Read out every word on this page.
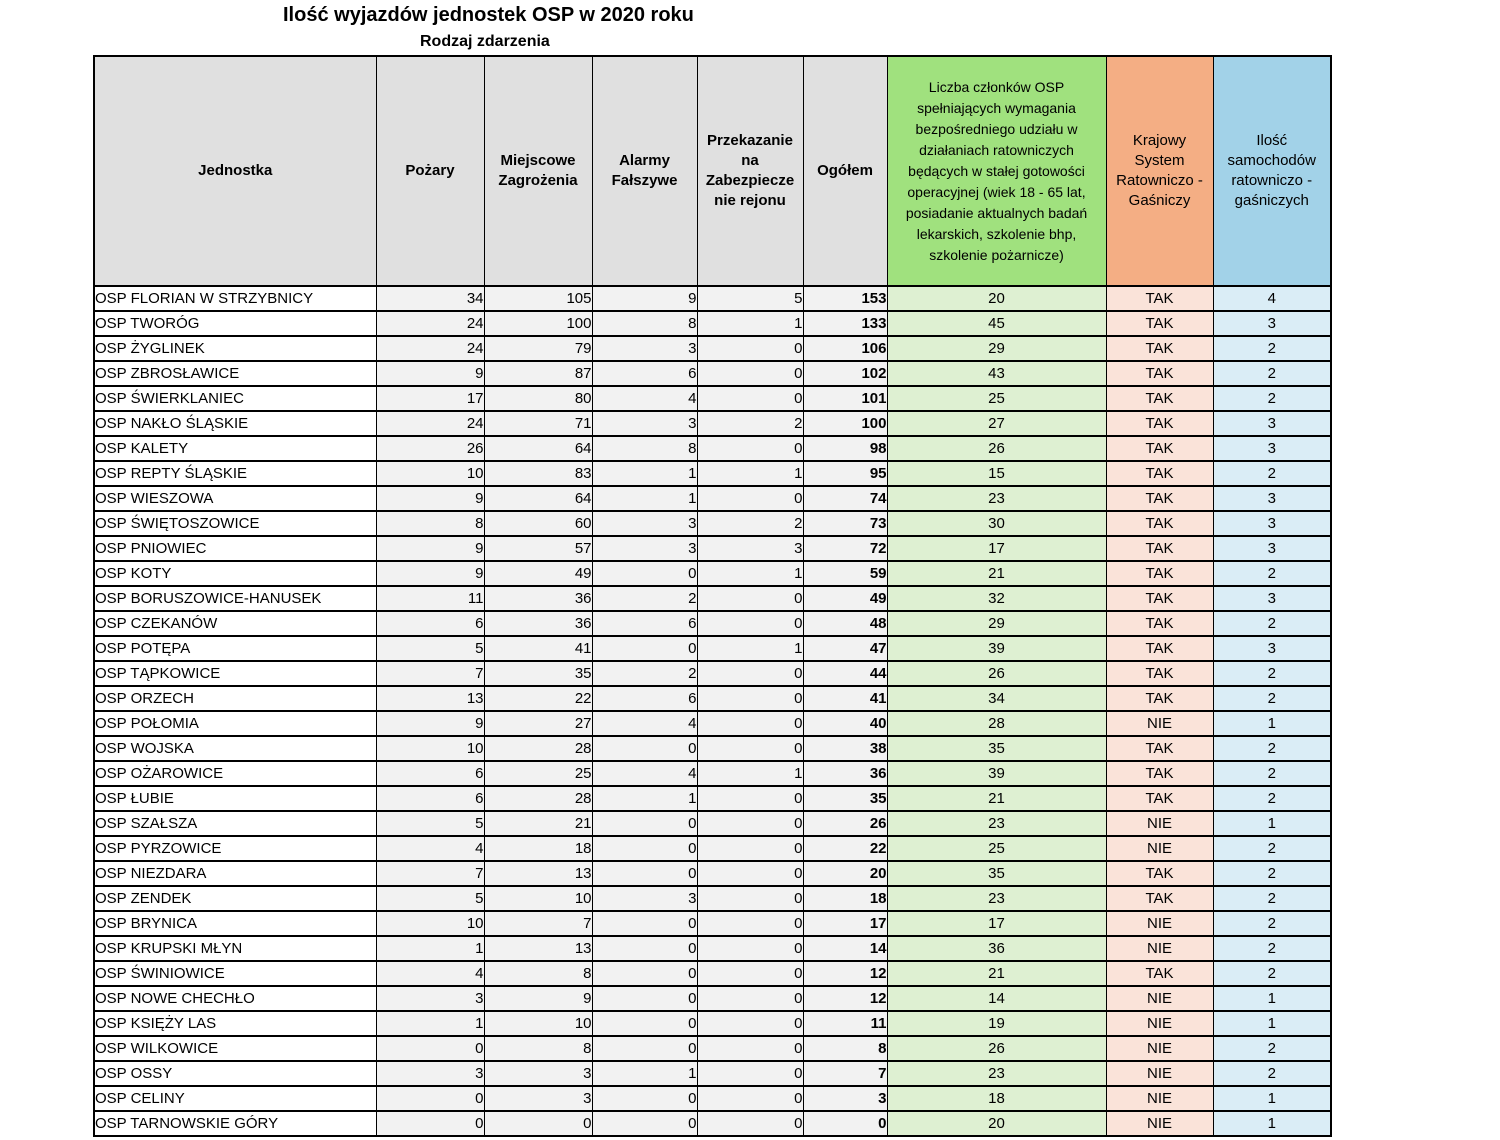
Ilość wyjazdów jednostek OSP w 2020 roku
Rodzaj zdarzenia
Jednostka	Pożary	Miejscowe Zagrożenia	Alarmy Fałszywe	Przekazanie na Zabezpieczenie rejonu	Ogółem	Liczba członków OSP spełniających wymagania bezpośredniego udziału w działaniach ratowniczych będących w stałej gotowości operacyjnej (wiek 18 - 65 lat, posiadanie aktualnych badań lekarskich, szkolenie bhp, szkolenie pożarnicze)	Krajowy System Ratowniczo - Gaśniczy	Ilość samochodów ratowniczo - gaśniczych
OSP FLORIAN W STRZYBNICY	34	105	9	5	153	20	TAK	4
OSP TWORÓG	24	100	8	1	133	45	TAK	3
OSP ŻYGLINEK	24	79	3	0	106	29	TAK	2
OSP ZBROSŁAWICE	9	87	6	0	102	43	TAK	2
OSP ŚWIERKLANIEC	17	80	4	0	101	25	TAK	2
OSP NAKŁO ŚLĄSKIE	24	71	3	2	100	27	TAK	3
OSP KALETY	26	64	8	0	98	26	TAK	3
OSP REPTY ŚLĄSKIE	10	83	1	1	95	15	TAK	2
OSP WIESZOWA	9	64	1	0	74	23	TAK	3
OSP ŚWIĘTOSZOWICE	8	60	3	2	73	30	TAK	3
OSP PNIOWIEC	9	57	3	3	72	17	TAK	3
OSP KOTY	9	49	0	1	59	21	TAK	2
OSP BORUSZOWICE-HANUSEK	11	36	2	0	49	32	TAK	3
OSP CZEKANÓW	6	36	6	0	48	29	TAK	2
OSP POTĘPA	5	41	0	1	47	39	TAK	3
OSP TĄPKOWICE	7	35	2	0	44	26	TAK	2
OSP ORZECH	13	22	6	0	41	34	TAK	2
OSP POŁOMIA	9	27	4	0	40	28	NIE	1
OSP WOJSKA	10	28	0	0	38	35	TAK	2
OSP OŻAROWICE	6	25	4	1	36	39	TAK	2
OSP ŁUBIE	6	28	1	0	35	21	TAK	2
OSP SZAŁSZA	5	21	0	0	26	23	NIE	1
OSP PYRZOWICE	4	18	0	0	22	25	NIE	2
OSP NIEZDARA	7	13	0	0	20	35	TAK	2
OSP ZENDEK	5	10	3	0	18	23	TAK	2
OSP BRYNICA	10	7	0	0	17	17	NIE	2
OSP KRUPSKI MŁYN	1	13	0	0	14	36	NIE	2
OSP ŚWINIOWICE	4	8	0	0	12	21	TAK	2
OSP NOWE CHECHŁO	3	9	0	0	12	14	NIE	1
OSP KSIĘŻY LAS	1	10	0	0	11	19	NIE	1
OSP WILKOWICE	0	8	0	0	8	26	NIE	2
OSP OSSY	3	3	1	0	7	23	NIE	2
OSP CELINY	0	3	0	0	3	18	NIE	1
OSP TARNOWSKIE GÓRY	0	0	0	0	0	20	NIE	1
